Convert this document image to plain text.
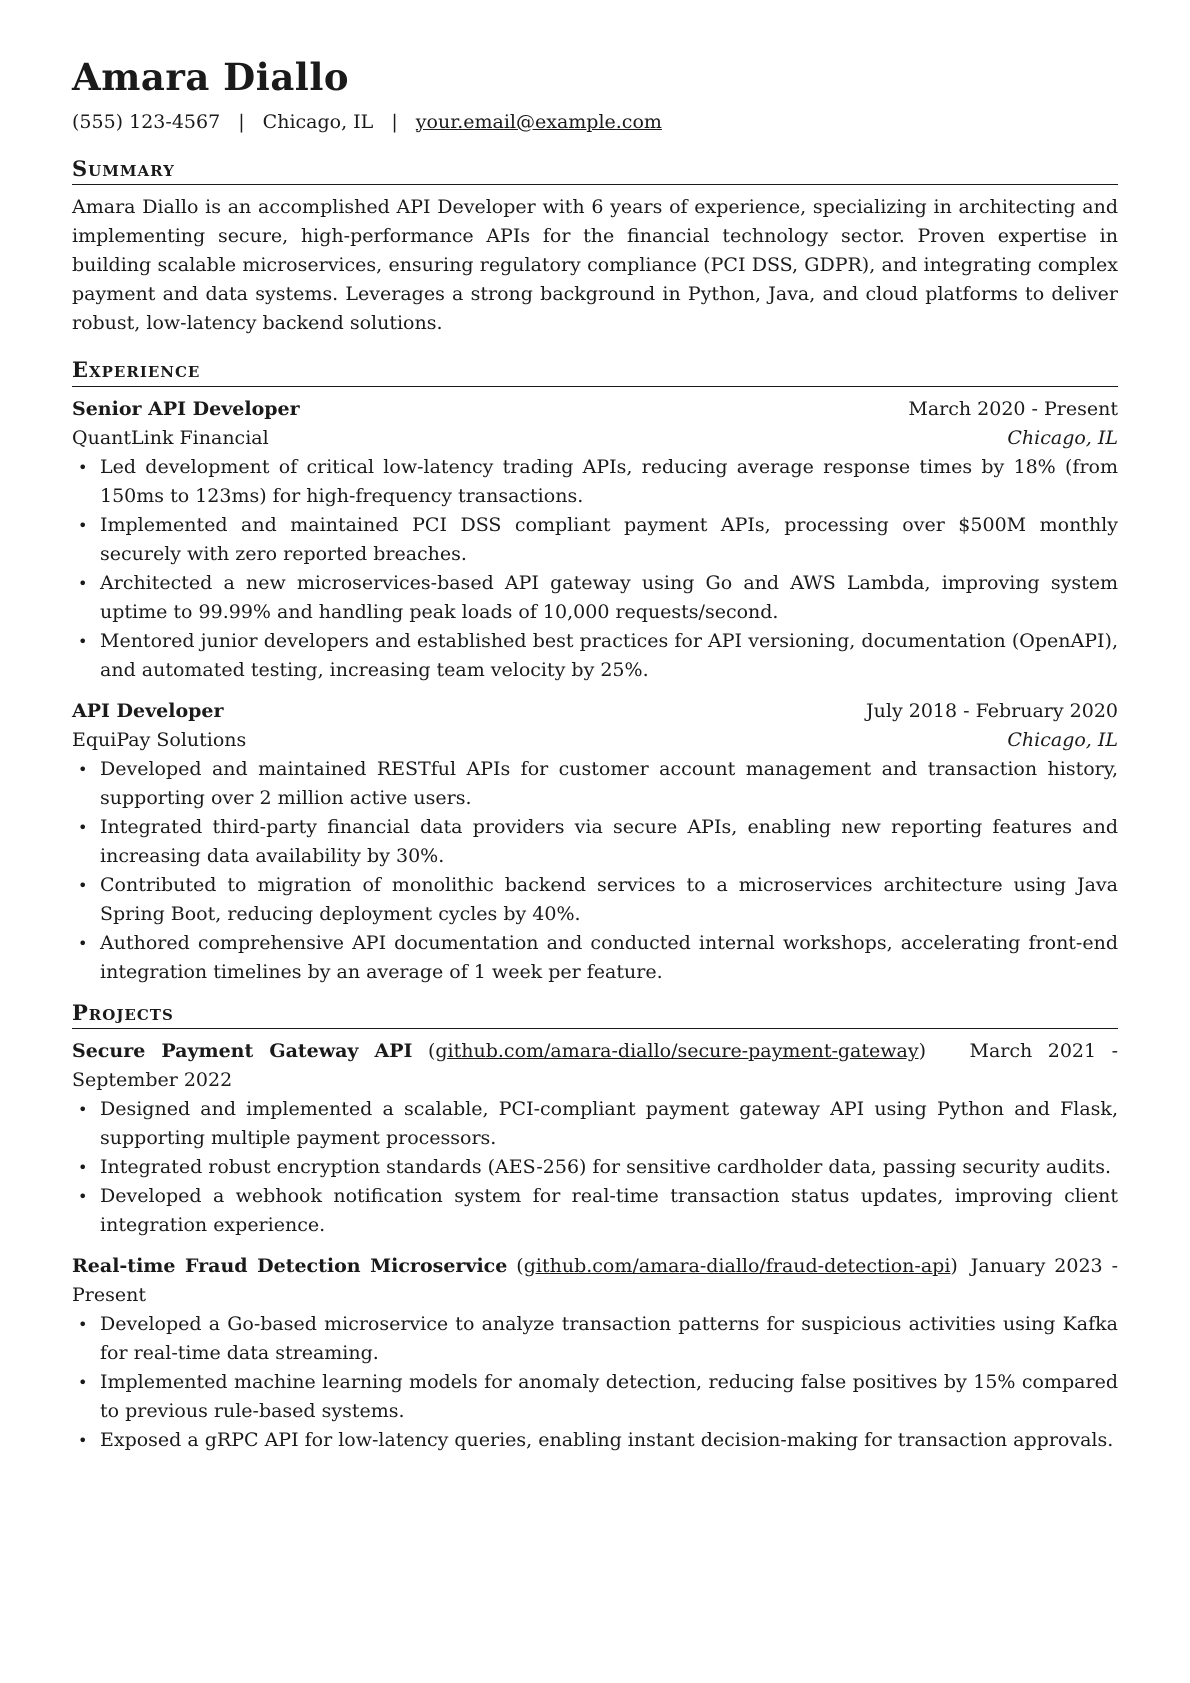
Amara Diallo
(555) 123-4567 | Chicago, IL | your.email@example.com
Summary

Amara Diallo is an accomplished API Developer with 6 years of experience, specializing in architecting and implementing secure, high-performance APIs for the financial technology sector. Proven expertise in building scalable microservices, ensuring regulatory compliance (PCI DSS, GDPR), and integrating complex payment and data systems. Leverages a strong background in Python, Java, and cloud platforms to deliver robust, low-latency backend solutions.

Experience
Senior API Developer	March 2020 - Present
QuantLink Financial	Chicago, IL
• Led development of critical low-latency trading APIs, reducing average response times by 18% (from 150ms to 123ms) for high-frequency transactions.
• Implemented and maintained PCI DSS compliant payment APIs, processing over $500M monthly securely with zero reported breaches.
• Architected a new microservices-based API gateway using Go and AWS Lambda, improving system uptime to 99.99% and handling peak loads of 10,000 requests/second.
• Mentored junior developers and established best practices for API versioning, documentation (OpenAPI), and automated testing, increasing team velocity by 25%.
API Developer	July 2018 - February 2020
EquiPay Solutions	Chicago, IL
• Developed and maintained RESTful APIs for customer account management and transaction history, supporting over 2 million active users.
• Integrated third-party financial data providers via secure APIs, enabling new reporting features and increasing data availability by 30%.
• Contributed to migration of monolithic backend services to a microservices architecture using Java Spring Boot, reducing deployment cycles by 40%.
• Authored comprehensive API documentation and conducted internal workshops, accelerating front-end integration timelines by an average of 1 week per feature.
Projects
Secure Payment Gateway API (github.com/amara-diallo/secure-payment-gateway) March 2021 - September 2022
• Designed and implemented a scalable, PCI-compliant payment gateway API using Python and Flask, supporting multiple payment processors.
• Integrated robust encryption standards (AES-256) for sensitive cardholder data, passing security audits.
• Developed a webhook notification system for real-time transaction status updates, improving client integration experience.
Real-time Fraud Detection Microservice (github.com/amara-diallo/fraud-detection-api) January 2023 - Present
• Developed a Go-based microservice to analyze transaction patterns for suspicious activities using Kafka for real-time data streaming.
• Implemented machine learning models for anomaly detection, reducing false positives by 15% compared to previous rule-based systems.
• Exposed a gRPC API for low-latency queries, enabling instant decision-making for transaction approvals.
